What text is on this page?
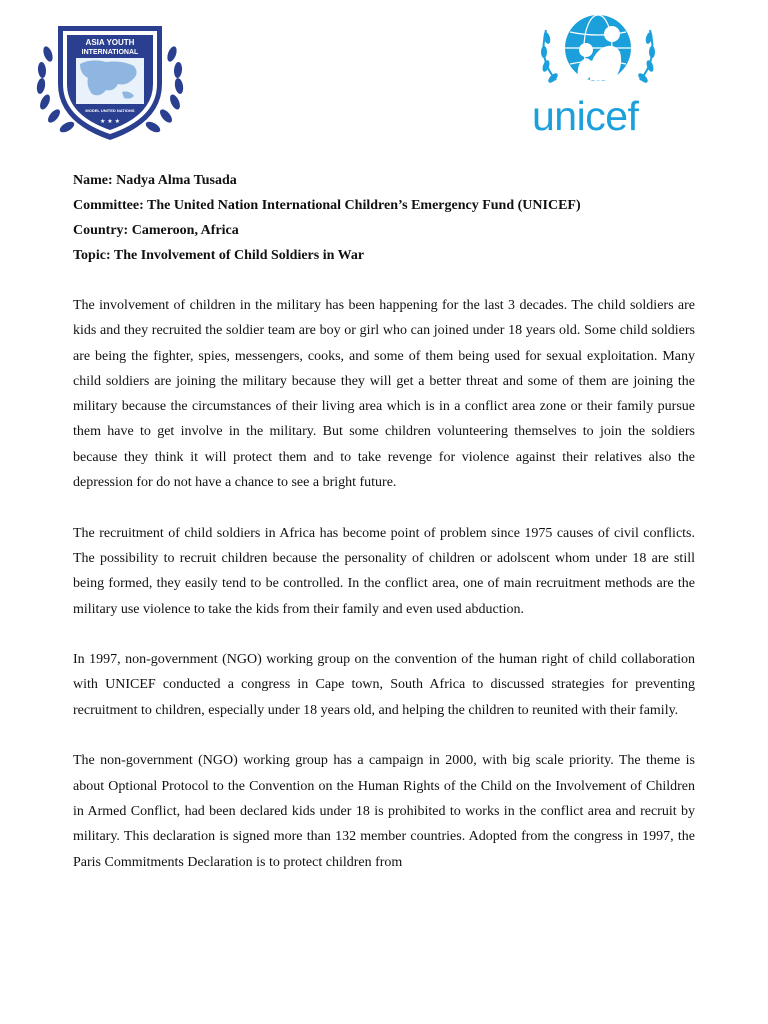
ASIA YOUTH
INTERNATIONAL
MODEL UNITED NATIONS
★ ★ ★	unicef
Name: Nadya Alma Tusada
Committee: The United Nation International Children’s Emergency Fund (UNICEF)
Country: Cameroon, Africa
Topic: The Involvement of Child Soldiers in War

The involvement of children in the military has been happening for the last 3 decades. The child soldiers are kids and they recruited the soldier team are boy or girl who can joined under 18 years old. Some child soldiers are being the fighter, spies, messengers, cooks, and some of them being used for sexual exploitation. Many child soldiers are joining the military because they will get a better threat and some of them are joining the military because the circumstances of their living area which is in a conflict area zone or their family pursue them have to get involve in the military. But some children volunteering themselves to join the soldiers because they think it will protect them and to take revenge for violence against their relatives also the depression for do not have a chance to see a bright future.

The recruitment of child soldiers in Africa has become point of problem since 1975 causes of civil conflicts. The possibility to recruit children because the personality of children or adolscent whom under 18 are still being formed, they easily tend to be controlled. In the conflict area, one of main recruitment methods are the military use violence to take the kids from their family and even used abduction.

In 1997, non-government (NGO) working group on the convention of the human right of child collaboration with UNICEF conducted a congress in Cape town, South Africa to discussed strategies for preventing recruitment to children, especially under 18 years old, and helping the children to reunited with their family.

The non-government (NGO) working group has a campaign in 2000, with big scale priority. The theme is about Optional Protocol to the Convention on the Human Rights of the Child on the Involvement of Children in Armed Conflict, had been declared kids under 18 is prohibited to works in the conflict area and recruit by military. This declaration is signed more than 132 member countries. Adopted from the congress in 1997, the Paris Commitments Declaration is to protect children from
